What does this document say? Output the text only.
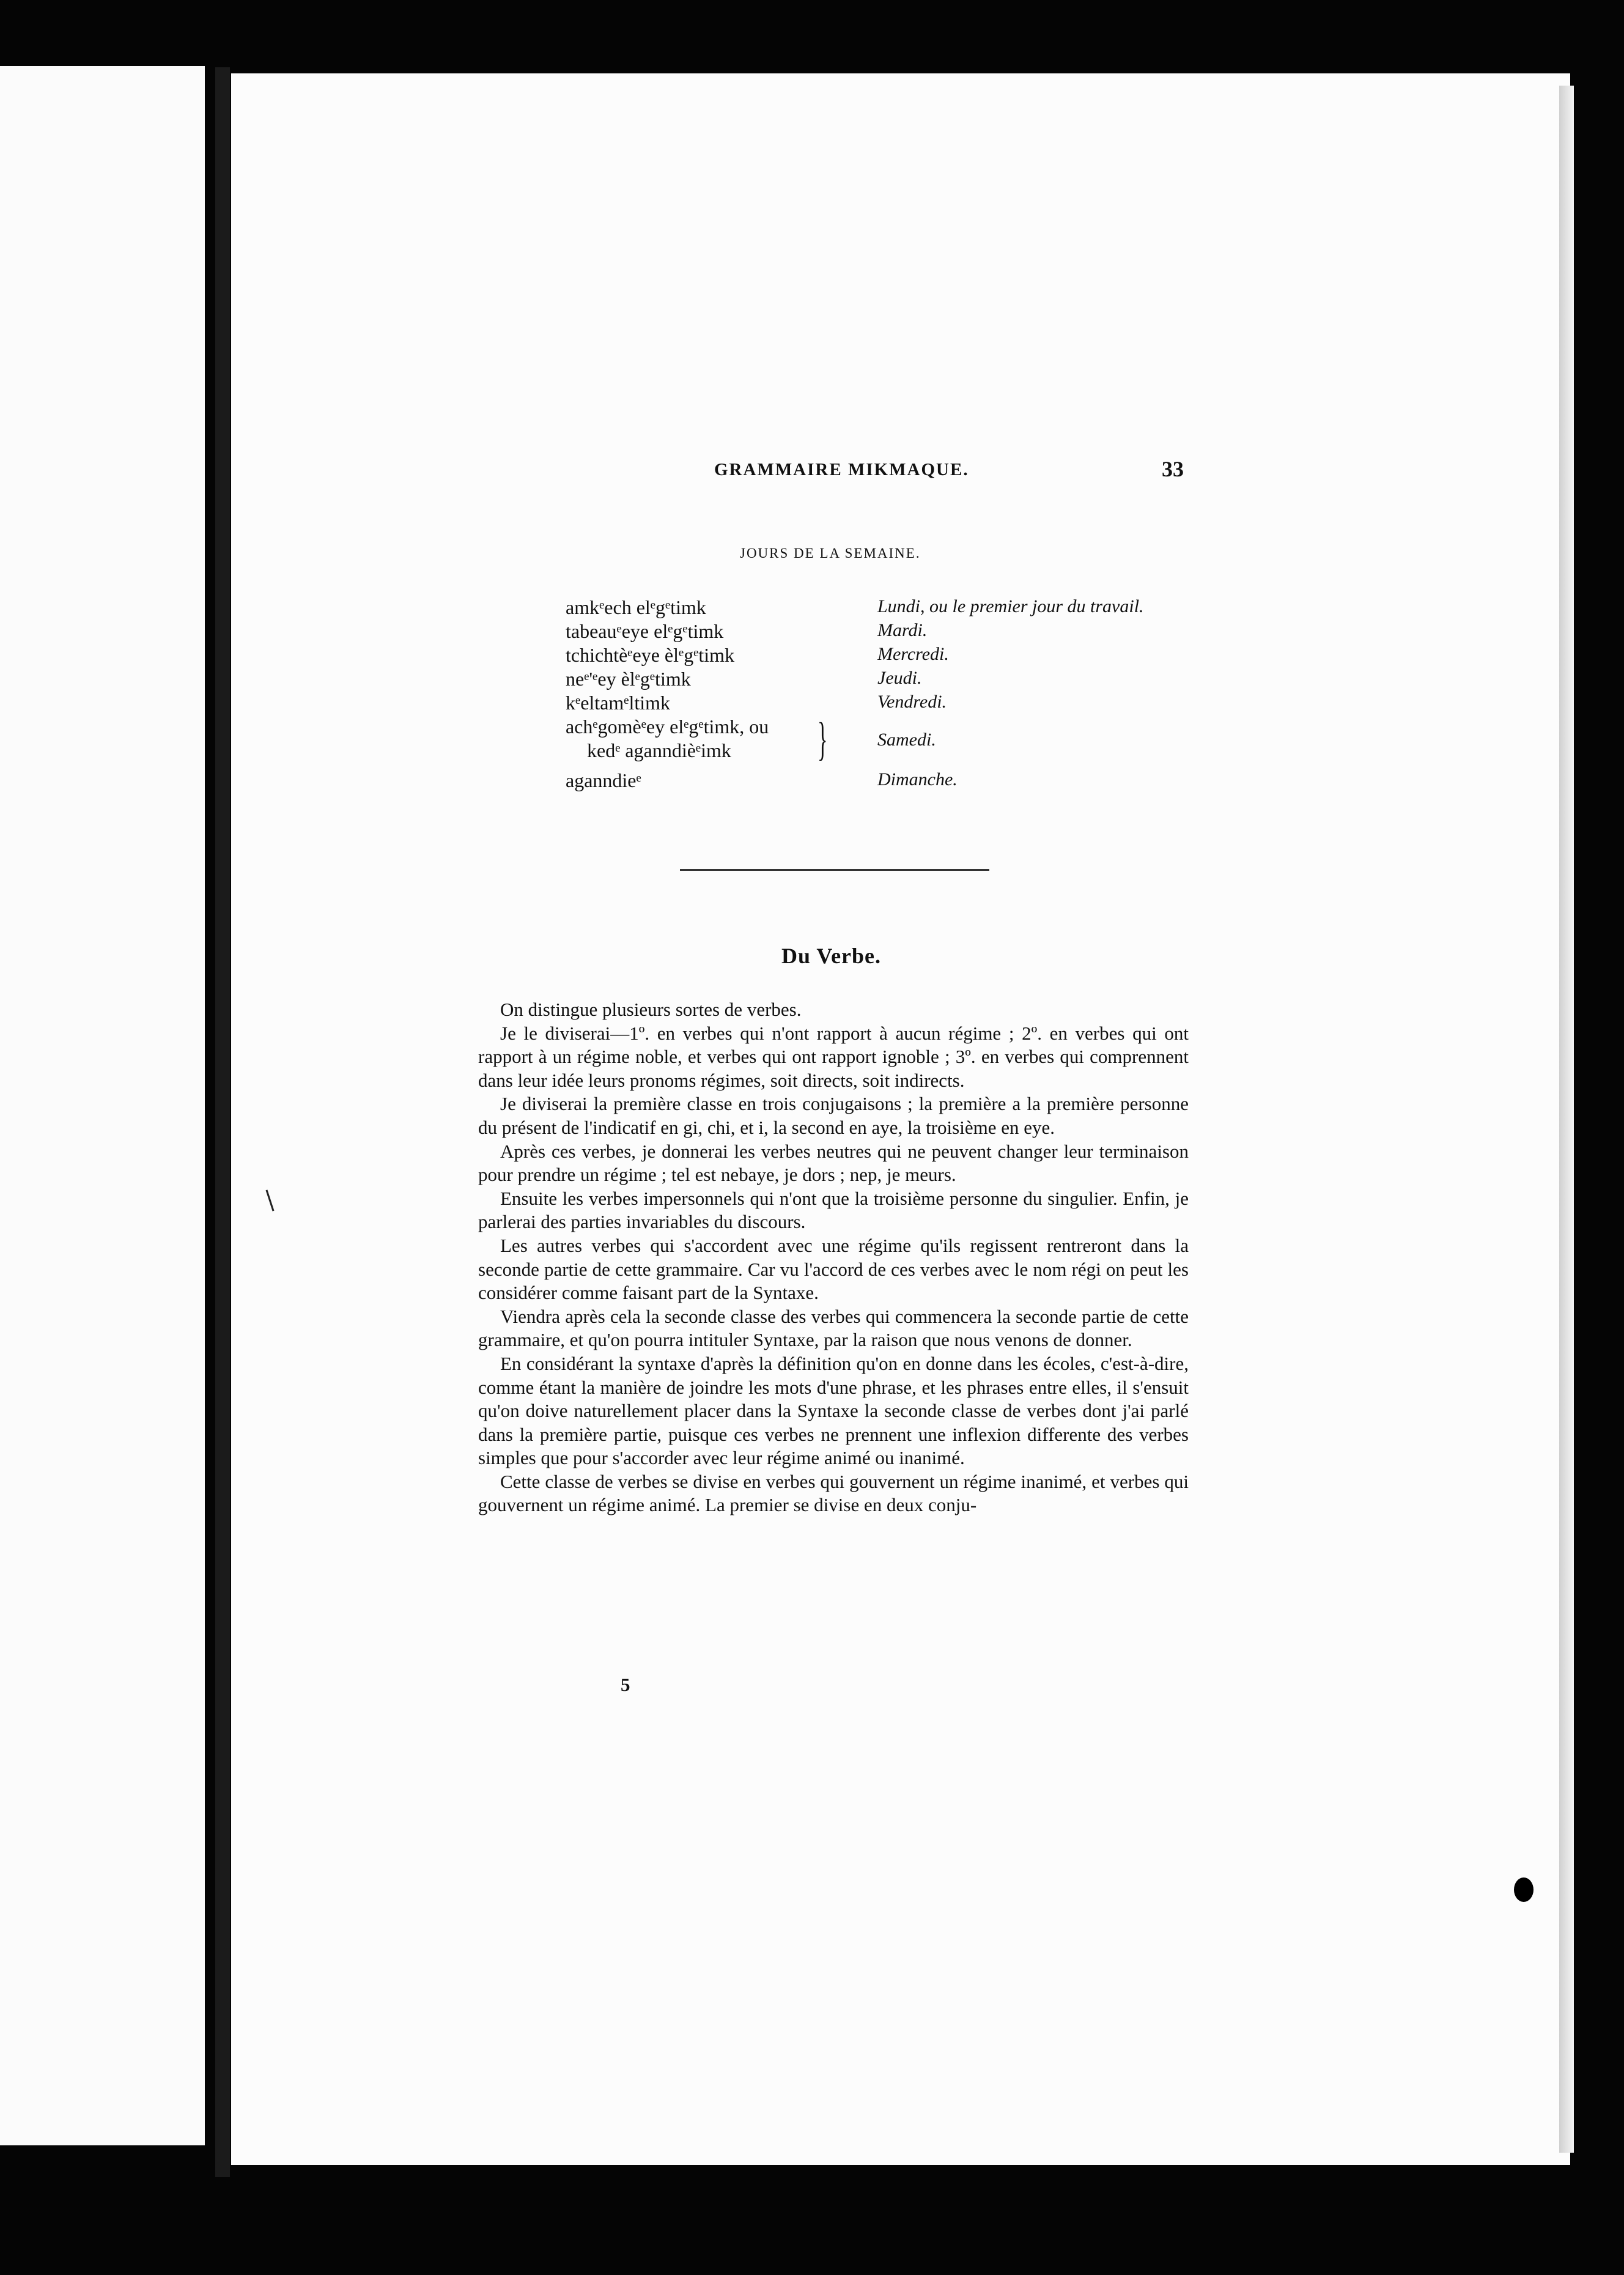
GRAMMAIRE MIKMAQUE.	33
JOURS DE LA SEMAINE.
amkᵉech elᵉgᵉtimk	Lundi, ou le premier jour du travail.
tabeauᵉeye elᵉgᵉtimk	Mardi.
tchichtèᵉeye èlᵉgᵉtimk	Mercredi.
neᵉ'ᵉey èlᵉgᵉtimk	Jeudi.
kᵉeltamᵉltimk	Vendredi.
achᵉgomèᵉey elᵉgᵉtimk, ou
kedᵉ aganndièᵉimk	Samedi.
aganndieᵉ	Dimanche.
}
Du Verbe.

On distingue plusieurs sortes de verbes.

Je le diviserai—1º. en verbes qui n'ont rapport à aucun régime ; 2º. en verbes qui ont rapport à un régime noble, et verbes qui ont rapport ignoble ; 3º. en verbes qui comprennent dans leur idée leurs pronoms régimes, soit directs, soit indirects.

Je diviserai la première classe en trois conjugaisons ; la première a la première personne du présent de l'indicatif en gi, chi, et i, la second en aye, la troisième en eye.

Après ces verbes, je donnerai les verbes neutres qui ne peuvent changer leur terminaison pour prendre un régime ; tel est nebaye, je dors ; nep, je meurs.

Ensuite les verbes impersonnels qui n'ont que la troisième personne du singulier. Enfin, je parlerai des parties invariables du discours.

Les autres verbes qui s'accordent avec une régime qu'ils regissent rentreront dans la seconde partie de cette grammaire. Car vu l'accord de ces verbes avec le nom régi on peut les considérer comme faisant part de la Syntaxe.

Viendra après cela la seconde classe des verbes qui commencera la seconde partie de cette grammaire, et qu'on pourra intituler Syntaxe, par la raison que nous venons de donner.

En considérant la syntaxe d'après la définition qu'on en donne dans les écoles, c'est-à-dire, comme étant la manière de joindre les mots d'une phrase, et les phrases entre elles, il s'ensuit qu'on doive naturellement placer dans la Syntaxe la seconde classe de verbes dont j'ai parlé dans la première partie, puisque ces verbes ne prennent une inflexion differente des verbes simples que pour s'accorder avec leur régime animé ou inanimé.

Cette classe de verbes se divise en verbes qui gouvernent un régime inanimé, et verbes qui gouvernent un régime animé. La premier se divise en deux conju-

5
